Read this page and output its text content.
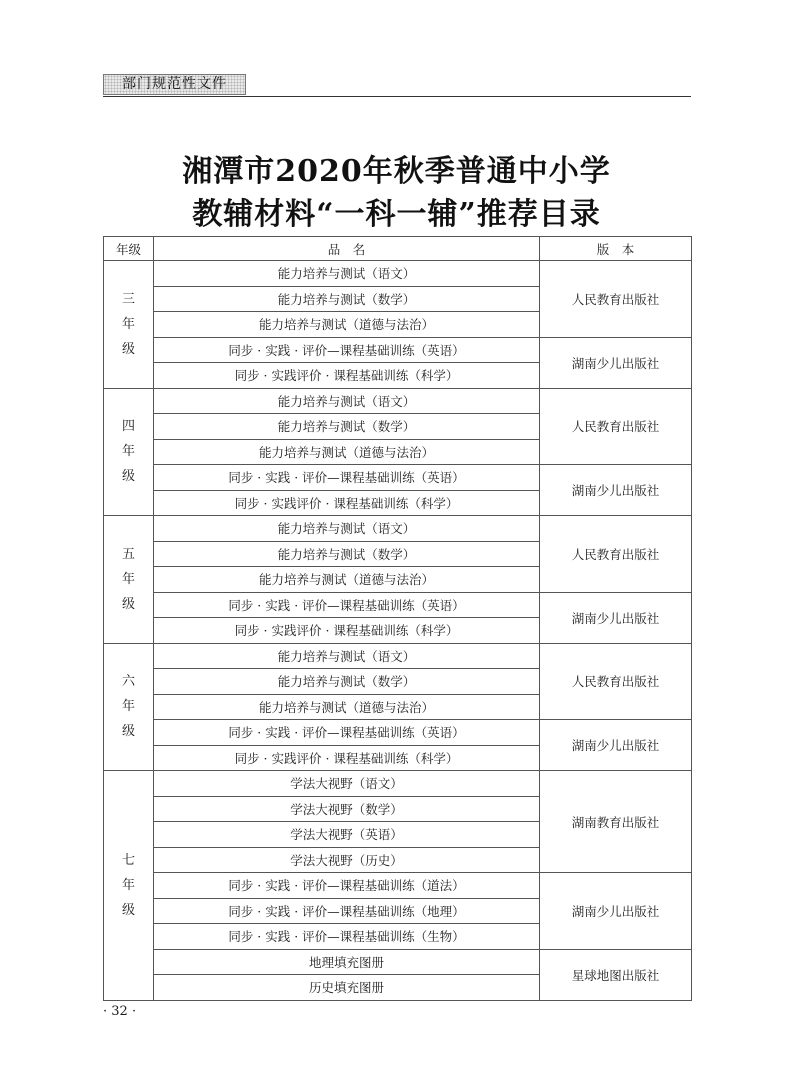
部门规范性文件
湘潭市2020年秋季普通中小学
教辅材料“一科一辅”推荐目录
年级	品　名	版　本

三
年
级	能力培养与测试（语文）	人民教育出版社
	能力培养与测试（数学）	
	能力培养与测试（道德与法治）	
	同步 · 实践 · 评价—课程基础训练（英语）	湖南少儿出版社
	同步 · 实践评价 · 课程基础训练（科学）	

四
年
级	能力培养与测试（语文）	人民教育出版社
	能力培养与测试（数学）	
	能力培养与测试（道德与法治）	
	同步 · 实践 · 评价—课程基础训练（英语）	湖南少儿出版社
	同步 · 实践评价 · 课程基础训练（科学）	

五
年
级	能力培养与测试（语文）	人民教育出版社
	能力培养与测试（数学）	
	能力培养与测试（道德与法治）	
	同步 · 实践 · 评价—课程基础训练（英语）	湖南少儿出版社
	同步 · 实践评价 · 课程基础训练（科学）	

六
年
级	能力培养与测试（语文）	人民教育出版社
	能力培养与测试（数学）	
	能力培养与测试（道德与法治）	
	同步 · 实践 · 评价—课程基础训练（英语）	湖南少儿出版社
	同步 · 实践评价 · 课程基础训练（科学）	

七
年
级	学法大视野（语文）	湖南教育出版社
	学法大视野（数学）	
	学法大视野（英语）	
	学法大视野（历史）	
	同步 · 实践 · 评价—课程基础训练（道法）	湖南少儿出版社
	同步 · 实践 · 评价—课程基础训练（地理）	
	同步 · 实践 · 评价—课程基础训练（生物）	
	地理填充图册	星球地图出版社
	历史填充图册	
· 32 ·
